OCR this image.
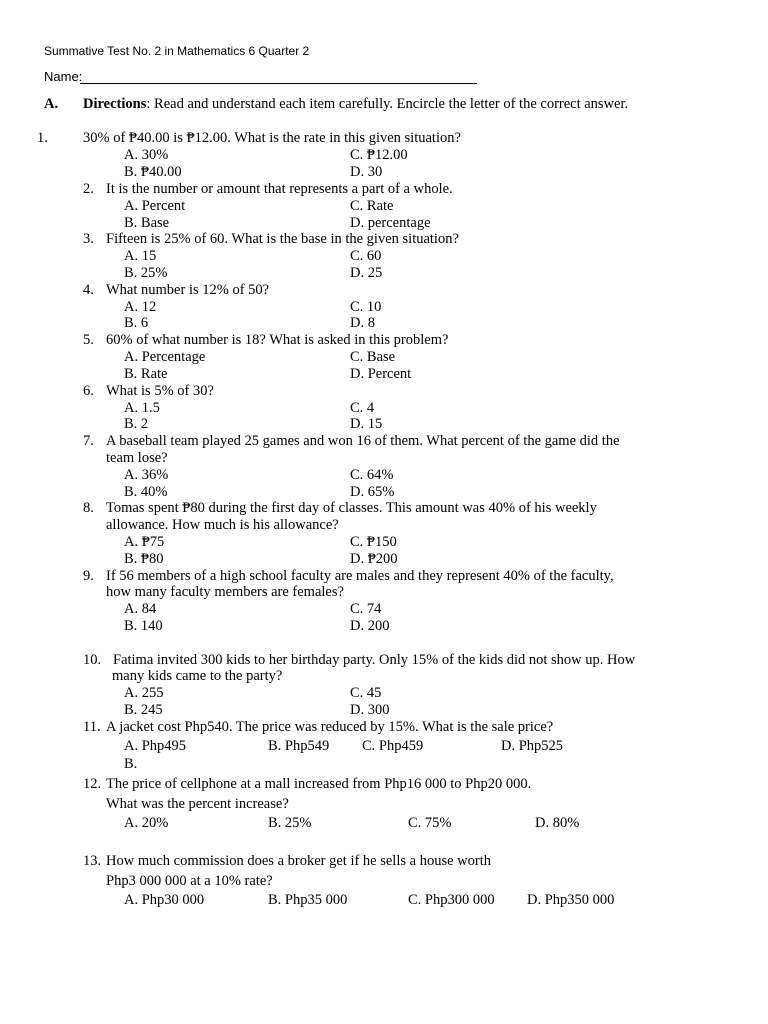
Summative Test No. 2 in Mathematics 6 Quarter 2
Name:
A. Directions: Read and understand each item carefully. Encircle the letter of the correct answer.
1. 30% of ₱40.00 is ₱12.00. What is the rate in this given situation?
A. 30%	C. ₱12.00
B. ₱40.00	D. 30
2. It is the number or amount that represents a part of a whole.
A. Percent	C. Rate
B. Base	D. percentage
3. Fifteen is 25% of 60. What is the base in the given situation?
A. 15	C. 60
B. 25%	D. 25
4. What number is 12% of 50?
A. 12	C. 10
B. 6	D. 8
5. 60% of what number is 18? What is asked in this problem?
A. Percentage	C. Base
B. Rate	D. Percent
6. What is 5% of 30?
A. 1.5	C. 4
B. 2	D. 15
7. A baseball team played 25 games and won 16 of them. What percent of the game did the
team lose?
A. 36%	C. 64%
B. 40%	D. 65%
8. Tomas spent ₱80 during the first day of classes. This amount was 40% of his weekly
allowance. How much is his allowance?
A. ₱75	C. ₱150
B. ₱80	D. ₱200
9. If 56 members of a high school faculty are males and they represent 40% of the faculty,
how many faculty members are females?
A. 84	C. 74
B. 140	D. 200
10. Fatima invited 300 kids to her birthday party. Only 15% of the kids did not show up. How
many kids came to the party?
A. 255	C. 45
B. 245	D. 300
11. A jacket cost Php540. The price was reduced by 15%. What is the sale price?
A. Php495	B. Php549 C. Php459	D. Php525
B.
12. The price of cellphone at a mall increased from Php16 000 to Php20 000.
What was the percent increase?
A. 20%	B. 25%	C. 75%	D. 80%
13. How much commission does a broker get if he sells a house worth
Php3 000 000 at a 10% rate?
A. Php30 000	B. Php35 000	C. Php300 000 D. Php350 000
